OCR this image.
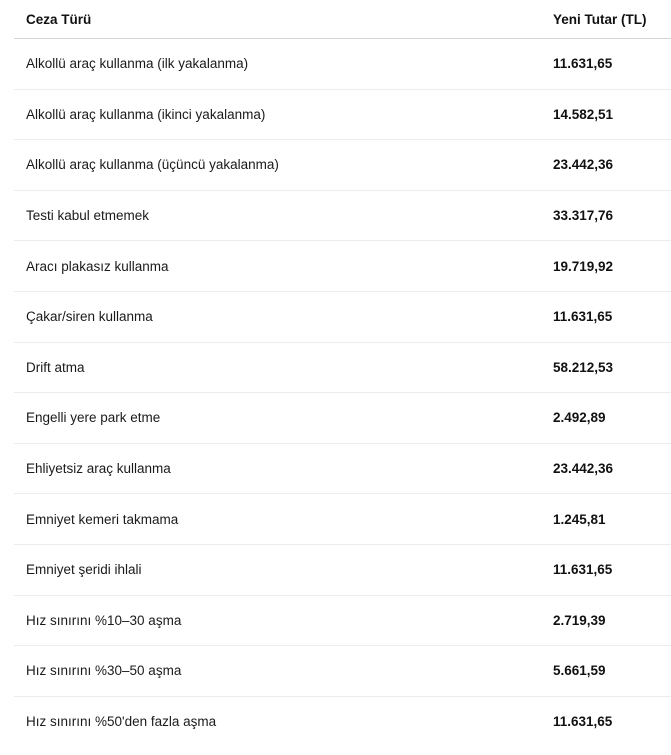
Ceza Türü	Yeni Tutar (TL)
Alkollü araç kullanma (ilk yakalanma)	11.631,65
Alkollü araç kullanma (ikinci yakalanma)	14.582,51
Alkollü araç kullanma (üçüncü yakalanma)	23.442,36
Testi kabul etmemek	33.317,76
Aracı plakasız kullanma	19.719,92
Çakar/siren kullanma	11.631,65
Drift atma	58.212,53
Engelli yere park etme	2.492,89
Ehliyetsiz araç kullanma	23.442,36
Emniyet kemeri takmama	1.245,81
Emniyet şeridi ihlali	11.631,65
Hız sınırını %10–30 aşma	2.719,39
Hız sınırını %30–50 aşma	5.661,59
Hız sınırını %50'den fazla aşma	11.631,65
